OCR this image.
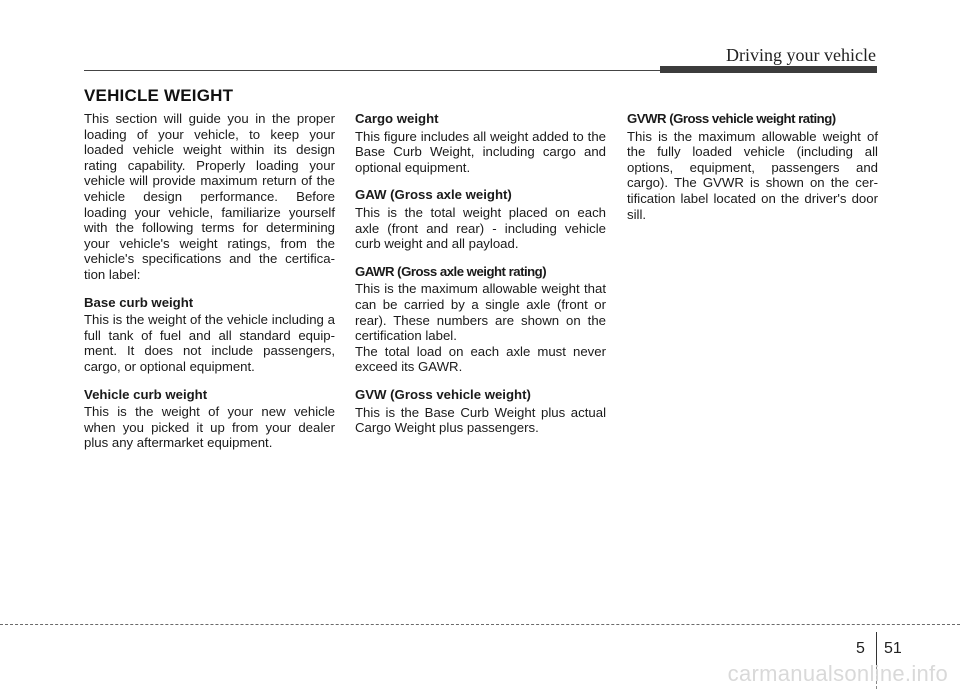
Driving your vehicle
VEHICLE WEIGHT

This section will guide you in the proper loading of your vehicle, to keep your loaded vehicle weight within its design rating capability. Properly loading your vehicle will provide maximum return of the vehicle design performance. Before loading your vehicle, familiarize yourself with the following terms for determining your vehicle's weight ratings, from the vehicle's specifications and the certifica-tion label:

Base curb weight

This is the weight of the vehicle including a full tank of fuel and all standard equip-ment. It does not include passengers, cargo, or optional equipment.

Vehicle curb weight

This is the weight of your new vehicle when you picked it up from your dealer plus any aftermarket equipment.

Cargo weight

This figure includes all weight added to the Base Curb Weight, including cargo and optional equipment.

GAW (Gross axle weight)

This is the total weight placed on each axle (front and rear) - including vehicle curb weight and all payload.

GAWR (Gross axle weight rating)

This is the maximum allowable weight that can be carried by a single axle (front or rear). These numbers are shown on the certification label.

The total load on each axle must never exceed its GAWR.

GVW (Gross vehicle weight)

This is the Base Curb Weight plus actual Cargo Weight plus passengers.

GVWR (Gross vehicle weight rating)

This is the maximum allowable weight of the fully loaded vehicle (including all options, equipment, passengers and cargo). The GVWR is shown on the cer-tification label located on the driver's door sill.

5 51
carmanualsonline.info
